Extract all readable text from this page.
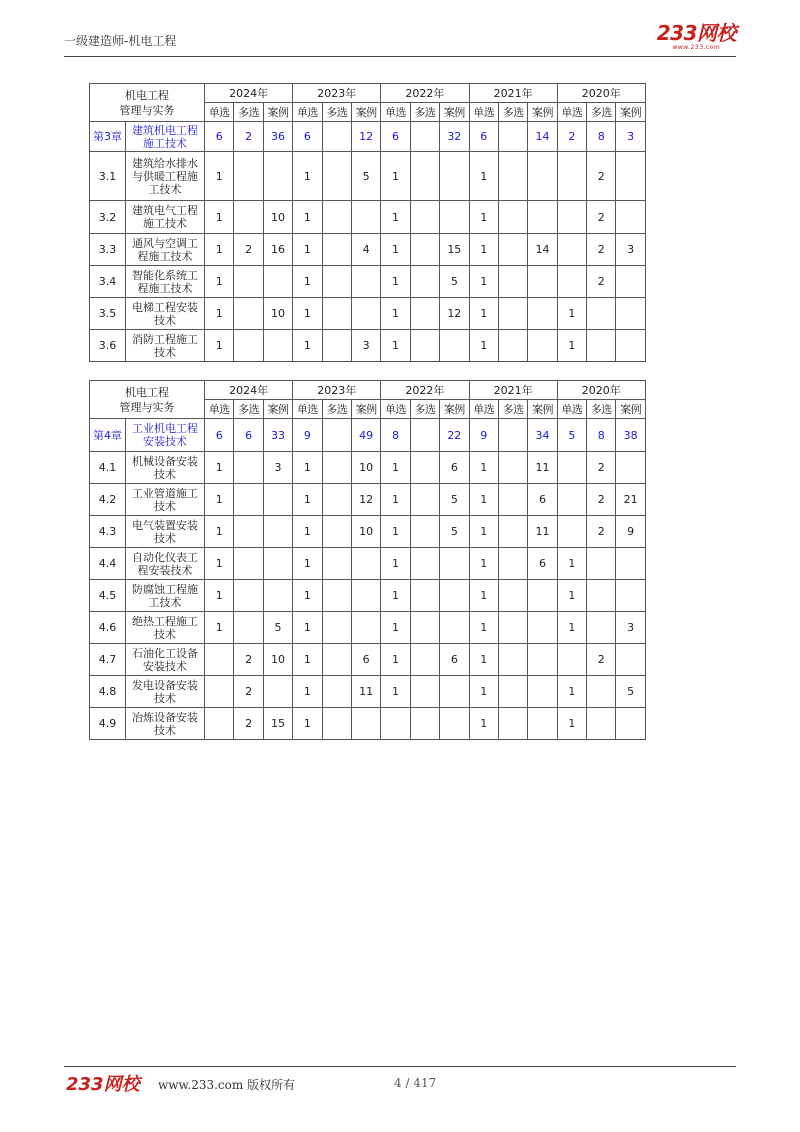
一级建造师-机电工程	233网校
www.233.com
机电工程
管理与实务		2024年			2023年			2022年			2021年			2020年		
		单选	多选	案例	单选	多选	案例	单选	多选	案例	单选	多选	案例	单选	多选	案例
第3章	建筑机电工程施工技术	6	2	36	6		12	6		32	6		14	2	8	3
3.1	建筑给水排水与供暖工程施工技术	1			1		5	1			1				2	
3.2	建筑电气工程施工技术	1		10	1			1			1				2	
3.3	通风与空调工程施工技术	1	2	16	1		4	1		15	1		14		2	3
3.4	智能化系统工程施工技术	1			1			1		5	1				2	
3.5	电梯工程安装技术	1		10	1			1		12	1			1		
3.6	消防工程施工技术	1			1		3	1			1			1		
机电工程
管理与实务		2024年			2023年			2022年			2021年			2020年		
		单选	多选	案例	单选	多选	案例	单选	多选	案例	单选	多选	案例	单选	多选	案例
第4章	工业机电工程安装技术	6	6	33	9		49	8		22	9		34	5	8	38
4.1	机械设备安装技术	1		3	1		10	1		6	1		11		2	
4.2	工业管道施工技术	1			1		12	1		5	1		6		2	21
4.3	电气装置安装技术	1			1		10	1		5	1		11		2	9
4.4	自动化仪表工程安装技术	1			1			1			1		6	1		
4.5	防腐蚀工程施工技术	1			1			1			1			1		
4.6	绝热工程施工技术	1		5	1			1			1			1		3
4.7	石油化工设备安装技术		2	10	1		6	1		6	1				2	
4.8	发电设备安装技术		2		1		11	1			1			1		5
4.9	冶炼设备安装技术		2	15	1						1			1		
233网校 www.233.com 版权所有	4 / 417
